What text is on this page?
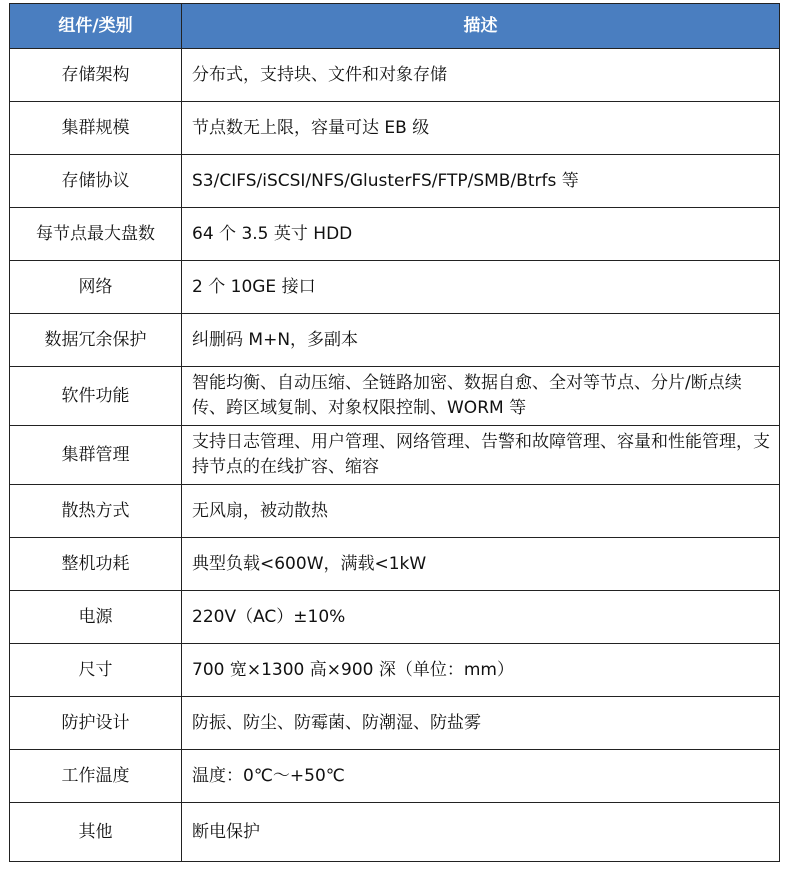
组件/类别	描述
存储架构	分布式，支持块、文件和对象存储
集群规模	节点数无上限，容量可达 EB 级
存储协议	S3/CIFS/iSCSI/NFS/GlusterFS/FTP/SMB/Btrfs 等
每节点最大盘数	64 个 3.5 英寸 HDD
网络	2 个 10GE 接口
数据冗余保护	纠删码 M+N，多副本
软件功能	智能均衡、自动压缩、全链路加密、数据自愈、全对等节点、分片/断点续传、跨区域复制、对象权限控制、WORM 等
集群管理	支持日志管理、用户管理、网络管理、告警和故障管理、容量和性能管理，支持节点的在线扩容、缩容
散热方式	无风扇，被动散热
整机功耗	典型负载<600W，满载<1kW
电源	220V（AC）±10%
尺寸	700 宽×1300 高×900 深（单位：mm）
防护设计	防振、防尘、防霉菌、防潮湿、防盐雾
工作温度	温度：0℃～+50℃
其他	断电保护
